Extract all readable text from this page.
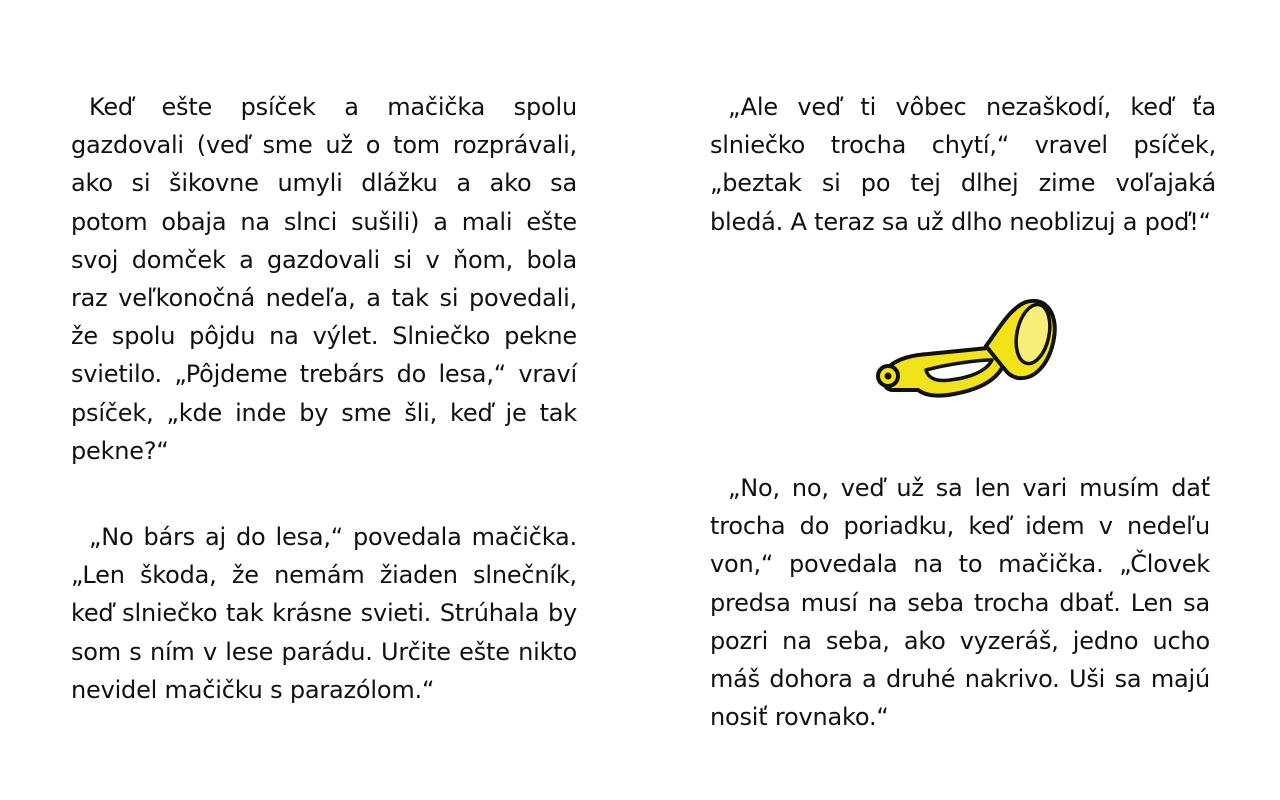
Keď ešte psíček a mačička spolu gazdovali (veď sme už o tom rozprávali, ako si šikovne umyli dlážku a ako sa potom obaja na slnci sušili) a mali ešte svoj domček a gazdovali si v ňom, bola raz veľkonočná nedeľa, a tak si povedali, že spolu pôjdu na výlet. Slniečko pekne svietilo. „Pôjdeme trebárs do lesa,“ vraví psíček, „kde inde by sme šli, keď je tak pekne?“

„No bárs aj do lesa,“ povedala mačička. „Len škoda, že nemám žiaden slnečník, keď slniečko tak krásne svieti. Strúhala by som s ním v lese parádu. Určite ešte nikto nevidel mačičku s parazólom.“

„Ale veď ti vôbec nezaškodí, keď ťa slniečko trocha chytí,“ vravel psíček, „beztak si po tej dlhej zime voľajaká bledá. A teraz sa už dlho neoblizuj a poď!“

„No, no, veď už sa len vari musím dať trocha do poriadku, keď idem v nedeľu von,“ povedala na to mačička. „Človek predsa musí na seba trocha dbať. Len sa pozri na seba, ako vyzeráš, jedno ucho máš dohora a druhé nakrivo. Uši sa majú nosiť rovnako.“
